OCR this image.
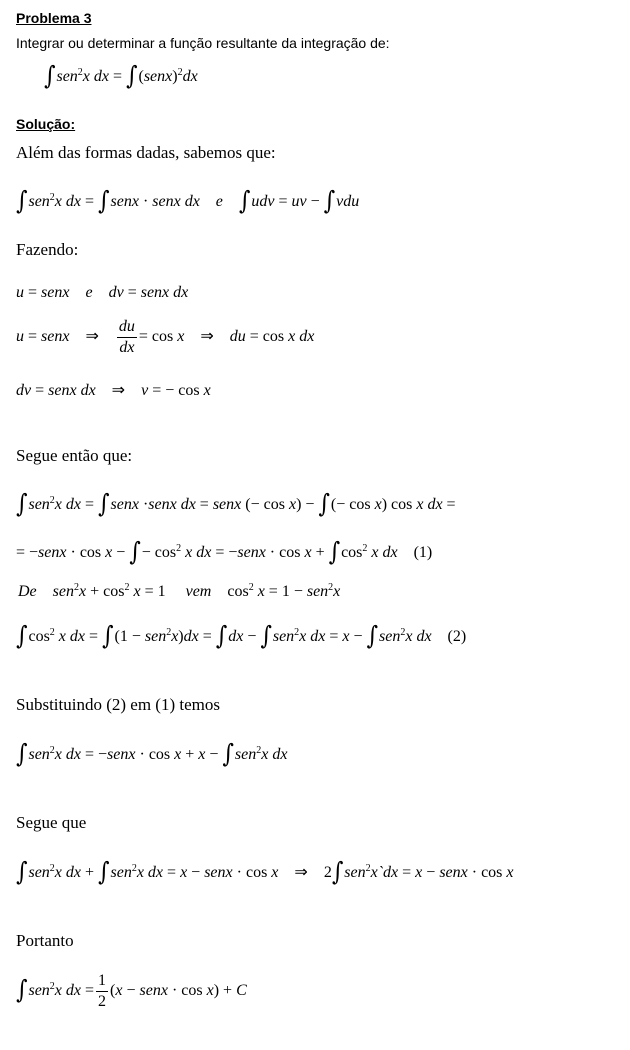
Problema 3
Integrar ou determinar a função resultante da integração de:
∫sen$^2$x dx = ∫(senx)$^2$dx
Solução:
Além das formas dadas, sabemos que:
∫sen$^2$x dx = ∫senx · senx dx e ∫udv = uv − ∫vdu
Fazendo:
u = senx e dv = senx dx
u = senx    ⇒ $\frac{du}{dx} = \cos x$    ⇒    du = cos x dx
dv = senx dx    ⇒    v = − cos x
Segue então que:
∫sen$^2$x dx = ∫senx ·senx dx = senx (− cos x) − ∫(− cos x) cos x dx =
= −senx · cos x − ∫− $\cos^2 x$ dx = −senx · $\cos x + \int\cos^2$ x dx (1)
De $sen^2x + \cos^2 x = 1$     vem    $\cos^2 x = 1 - sen^2x$
$\int\cos^2$ x dx = ∫(1 − sen$^2$x)dx = ∫dx − ∫sen$^2$x dx = x − ∫sen$^2$x dx (2)
Substituindo (2) em (1) temos
∫sen$^2$x dx = −senx · cos x + x − ∫sen$^2$x dx
Segue que
∫sen$^2$x dx + ∫sen$^2$x dx = x − senx · cos x    ⇒    2∫sen$^2$x`dx = x − senx · cos x
Portanto
∫sen$^2$x dx = $\frac{1}{2} (x$ − senx · cos x) + C
